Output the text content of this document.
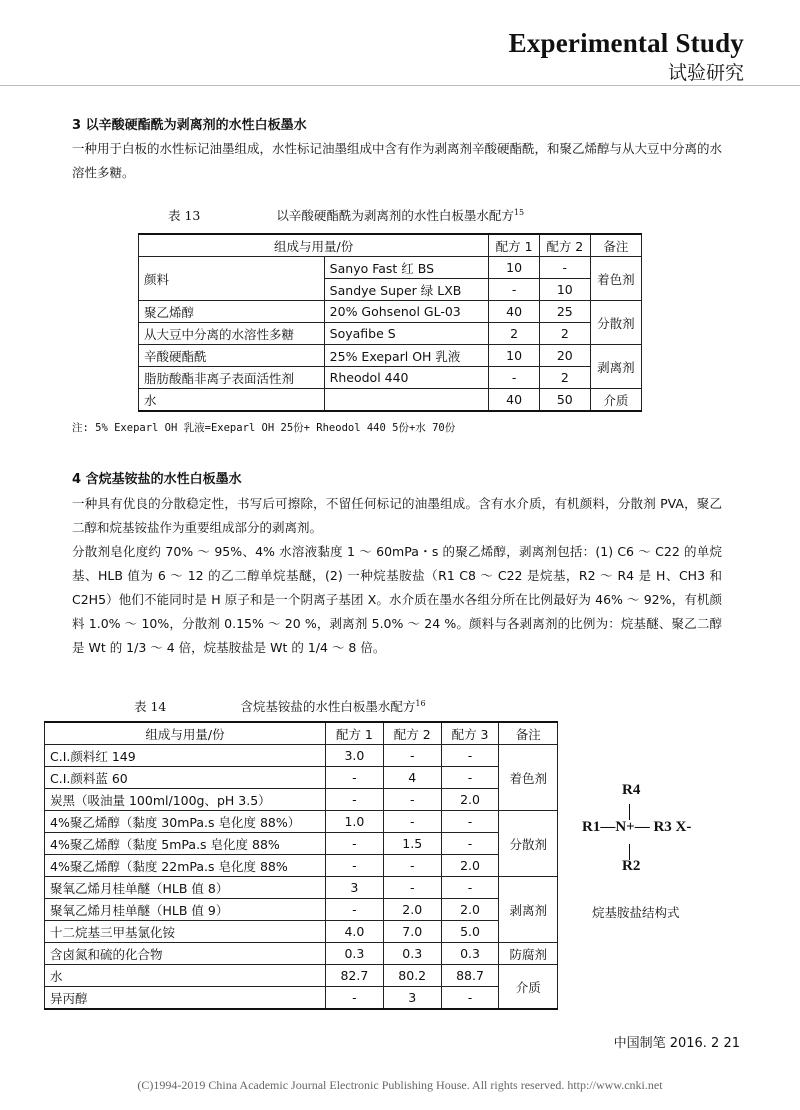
Experimental Study
试验研究
3 以辛酸硬酯酰为剥离剂的水性白板墨水
一种用于白板的水性标记油墨组成，水性标记油墨组成中含有作为剥离剂辛酸硬酯酰，和聚乙烯醇与从大豆中分离的水溶性多糖。
表 13	以辛酸硬酯酰为剥离剂的水性白板墨水配方$^{15}$
组成与用量/份		配方 1	配方 2	备注
颜料	Sanyo Fast 红 BS	10	-	着色剂
	Sandye Super 绿 LXB	-	10	
聚乙烯醇	20% Gohsenol GL-03	40	25	分散剂
从大豆中分离的水溶性多糖	Soyafibe S	2	2	
辛酸硬酯酰	25% Exeparl OH 乳液	10	20	剥离剂
脂肪酸酯非离子表面活性剂	Rheodol 440	-	2	
水		40	50	介质
注: 5% Exeparl OH 乳液=Exeparl OH 25份+ Rheodol 440 5份+水 70份
4 含烷基铵盐的水性白板墨水
一种具有优良的分散稳定性，书写后可擦除，不留任何标记的油墨组成。含有水介质，有机颜料，分散剂 PVA，聚乙二醇和烷基铵盐作为重要组成部分的剥离剂。
分散剂皂化度约 70% ～ 95%、4% 水溶液黏度 1 ～ 60mPa・s 的聚乙烯醇，剥离剂包括：(1) C6 ～ C22 的单烷基、HLB 值为 6 ～ 12 的乙二醇单烷基醚，(2) 一种烷基胺盐（R1 C8 ～ C22 是烷基，R2 ～ R4 是 H、CH3 和 C2H5）他们不能同时是 H 原子和是一个阴离子基团 X。水介质在墨水各组分所在比例最好为 46% ～ 92%，有机颜料 1.0% ～ 10%，分散剂 0.15% ～ 20 %，剥离剂 5.0% ～ 24 %。颜料与各剥离剂的比例为：烷基醚、聚乙二醇是 Wt 的 1/3 ～ 4 倍，烷基胺盐是 Wt 的 1/4 ～ 8 倍。
表 14	含烷基铵盐的水性白板墨水配方$^{16}$
组成与用量/份	配方 1	配方 2	配方 3	备注
C.I.颜料红 149	3.0	-	-	着色剂
C.I.颜料蓝 60	-	4	-	
炭黑（吸油量 100ml/100g、pH 3.5）	-	-	2.0	
4%聚乙烯醇（黏度 30mPa.s 皂化度 88%）	1.0	-	-	分散剂
4%聚乙烯醇（黏度 5mPa.s 皂化度 88%	-	1.5	-	
4%聚乙烯醇（黏度 22mPa.s 皂化度 88%	-	-	2.0	
聚氧乙烯月桂单醚（HLB 值 8）	3	-	-	剥离剂
聚氧乙烯月桂单醚（HLB 值 9）	-	2.0	2.0	
十二烷基三甲基氯化铵	4.0	7.0	5.0	
含卤氮和硫的化合物	0.3	0.3	0.3	防腐剂
水	82.7	80.2	88.7	介质
异丙醇	-	3	-	
R4
R1—N+— R3 X-
R2
烷基胺盐结构式
中国制笔 2016. 2 21
(C)1994-2019 China Academic Journal Electronic Publishing House. All rights reserved. http://www.cnki.net
